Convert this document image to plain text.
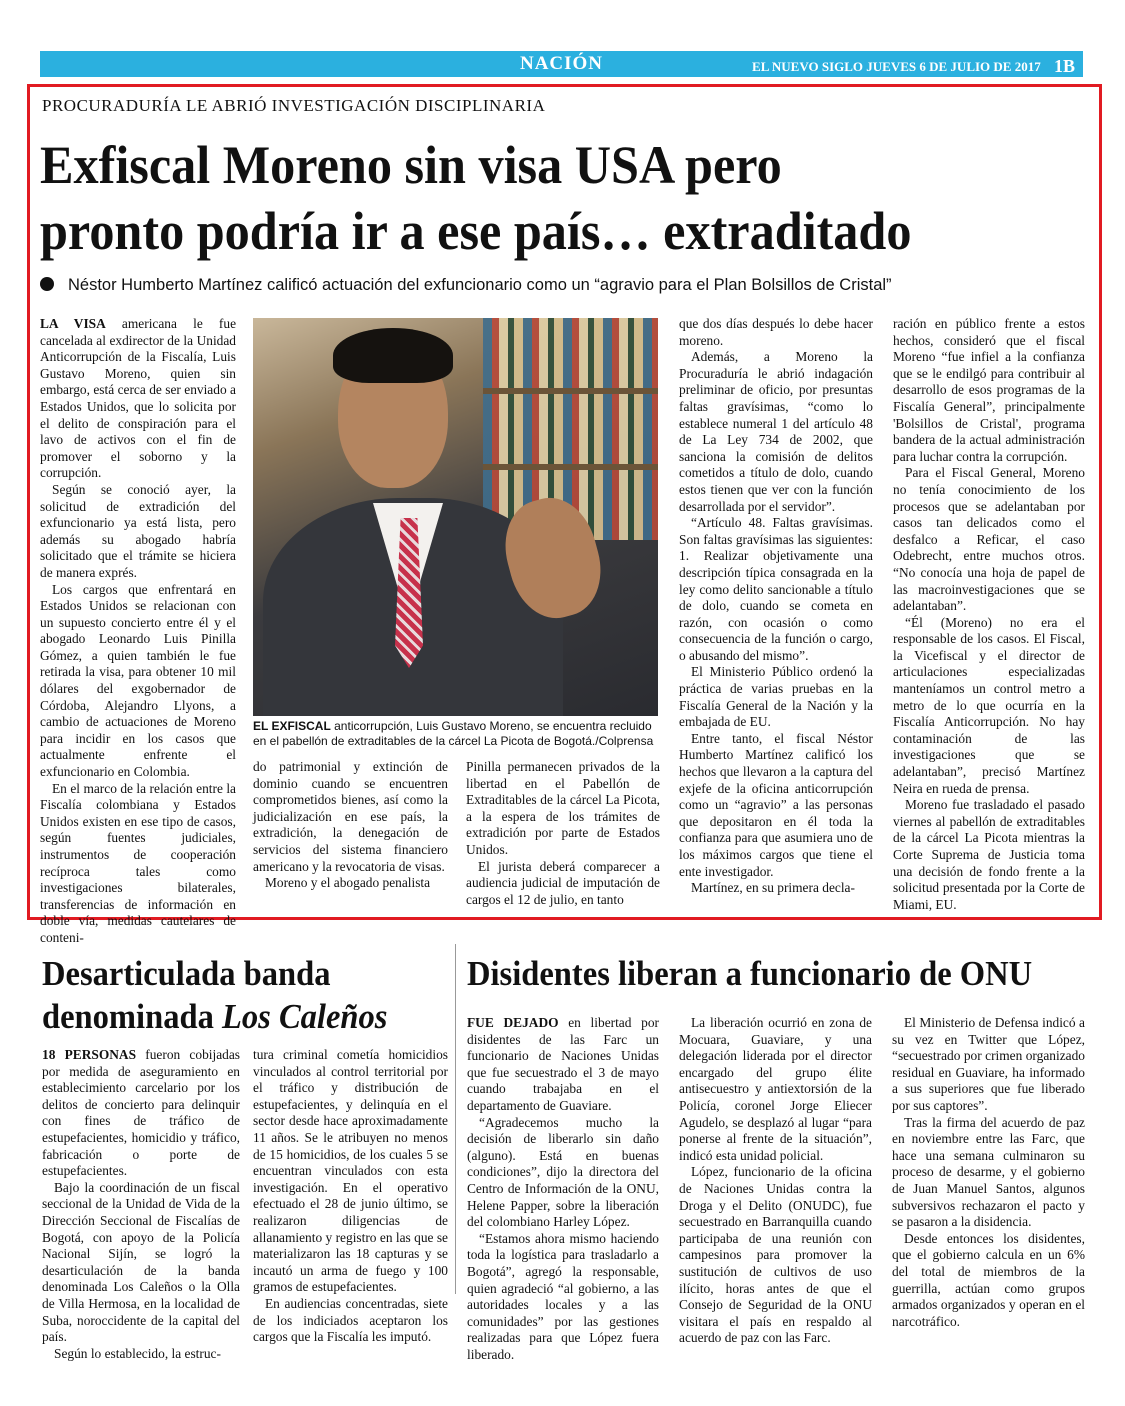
NACIÓN	EL NUEVO SIGLO JUEVES 6 DE JULIO DE 2017 1B
PROCURADURÍA LE ABRIÓ INVESTIGACIÓN DISCIPLINARIA
Exfiscal Moreno sin visa USA pero
pronto podría ir a ese país… extraditado
Néstor Humberto Martínez calificó actuación del exfuncionario como un “agravio para el Plan Bolsillos de Cristal”

LA VISA americana le fue cancelada al exdirector de la Unidad Anticorrupción de la Fiscalía, Luis Gustavo Moreno, quien sin embargo, está cerca de ser enviado a Estados Unidos, que lo solicita por el delito de conspiración para el lavo de activos con el fin de promover el soborno y la corrupción.

Según se conoció ayer, la solicitud de extradición del exfuncionario ya está lista, pero además su abogado habría solicitado que el trámite se hiciera de manera exprés.

Los cargos que enfrentará en Estados Unidos se relacionan con un supuesto concierto entre él y el abogado Leonardo Luis Pinilla Gómez, a quien también le fue retirada la visa, para obtener 10 mil dólares del exgobernador de Córdoba, Alejandro Llyons, a cambio de actuaciones de Moreno para incidir en los casos que actualmente enfrente el exfuncionario en Colombia.

En el marco de la relación entre la Fiscalía colombiana y Estados Unidos existen en ese tipo de casos, según fuentes judiciales, instrumentos de cooperación recíproca tales como investigaciones bilaterales, transferencias de información en doble vía, medidas cautelares de conteni-

EL EXFISCAL anticorrupción, Luis Gustavo Moreno, se encuentra recluido en el pabellón de extraditables de la cárcel La Picota de Bogotá./Colprensa

do patrimonial y extinción de dominio cuando se encuentren comprometidos bienes, así como la judicialización en ese país, la extradición, la denegación de servicios del sistema financiero americano y la revocatoria de visas.

Moreno y el abogado penalista

Pinilla permanecen privados de la libertad en el Pabellón de Extraditables de la cárcel La Picota, a la espera de los trámites de extradición por parte de Estados Unidos.

El jurista deberá comparecer a audiencia judicial de imputación de cargos el 12 de julio, en tanto

que dos días después lo debe hacer moreno.

Además, a Moreno la Procuraduría le abrió indagación preliminar de oficio, por presuntas faltas gravísimas, “como lo establece numeral 1 del artículo 48 de La Ley 734 de 2002, que sanciona la comisión de delitos cometidos a título de dolo, cuando estos tienen que ver con la función desarrollada por el servidor”.

“Artículo 48. Faltas gravísimas. Son faltas gravísimas las siguientes: 1. Realizar objetivamente una descripción típica consagrada en la ley como delito sancionable a título de dolo, cuando se cometa en razón, con ocasión o como consecuencia de la función o cargo, o abusando del mismo”.

El Ministerio Público ordenó la práctica de varias pruebas en la Fiscalía General de la Nación y la embajada de EU.

Entre tanto, el fiscal Néstor Humberto Martínez calificó los hechos que llevaron a la captura del exjefe de la oficina anticorrupción como un “agravio” a las personas que depositaron en él toda la confianza para que asumiera uno de los máximos cargos que tiene el ente investigador.

Martínez, en su primera decla-

ración en público frente a estos hechos, consideró que el fiscal Moreno “fue infiel a la confianza que se le endilgó para contribuir al desarrollo de esos programas de la Fiscalía General”, principalmente 'Bolsillos de Cristal', programa bandera de la actual administración para luchar contra la corrupción.

Para el Fiscal General, Moreno no tenía conocimiento de los procesos que se adelantaban por casos tan delicados como el desfalco a Reficar, el caso Odebrecht, entre muchos otros. “No conocía una hoja de papel de las macroinvestigaciones que se adelantaban”.

“Él (Moreno) no era el responsable de los casos. El Fiscal, la Vicefiscal y el director de articulaciones especializadas manteníamos un control metro a metro de lo que ocurría en la Fiscalía Anticorrupción. No hay contaminación de las investigaciones que se adelantaban”, precisó Martínez Neira en rueda de prensa.

Moreno fue trasladado el pasado viernes al pabellón de extraditables de la cárcel La Picota mientras la Corte Suprema de Justicia toma una decisión de fondo frente a la solicitud presentada por la Corte de Miami, EU.

Desarticulada banda
denominada Los Caleños

18 PERSONAS fueron cobijadas por medida de aseguramiento en establecimiento carcelario por los delitos de concierto para delinquir con fines de tráfico de estupefacientes, homicidio y tráfico, fabricación o porte de estupefacientes.

Bajo la coordinación de un fiscal seccional de la Unidad de Vida de la Dirección Seccional de Fiscalías de Bogotá, con apoyo de la Policía Nacional Sijín, se logró la desarticulación de la banda denominada Los Caleños o la Olla de Villa Hermosa, en la localidad de Suba, noroccidente de la capital del país.

Según lo establecido, la estruc-

tura criminal cometía homicidios vinculados al control territorial por el tráfico y distribución de estupefacientes, y delinquía en el sector desde hace aproximadamente 11 años. Se le atribuyen no menos de 15 homicidios, de los cuales 5 se encuentran vinculados con esta investigación. En el operativo efectuado el 28 de junio último, se realizaron diligencias de allanamiento y registro en las que se materializaron las 18 capturas y se incautó un arma de fuego y 100 gramos de estupefacientes.

En audiencias concentradas, siete de los indiciados aceptaron los cargos que la Fiscalía les imputó.

Disidentes liberan a funcionario de ONU

FUE DEJADO en libertad por disidentes de las Farc un funcionario de Naciones Unidas que fue secuestrado el 3 de mayo cuando trabajaba en el departamento de Guaviare.

“Agradecemos mucho la decisión de liberarlo sin daño (alguno). Está en buenas condiciones”, dijo la directora del Centro de Información de la ONU, Helene Papper, sobre la liberación del colombiano Harley López.

“Estamos ahora mismo haciendo toda la logística para trasladarlo a Bogotá”, agregó la responsable, quien agradeció “al gobierno, a las autoridades locales y a las comunidades” por las gestiones realizadas para que López fuera liberado.

La liberación ocurrió en zona de Mocuara, Guaviare, y una delegación liderada por el director encargado del grupo élite antisecuestro y antiextorsión de la Policía, coronel Jorge Eliecer Agudelo, se desplazó al lugar “para ponerse al frente de la situación”, indicó esta unidad policial.

López, funcionario de la oficina de Naciones Unidas contra la Droga y el Delito (ONUDC), fue secuestrado en Barranquilla cuando participaba de una reunión con campesinos para promover la sustitución de cultivos de uso ilícito, horas antes de que el Consejo de Seguridad de la ONU visitara el país en respaldo al acuerdo de paz con las Farc.

El Ministerio de Defensa indicó a su vez en Twitter que López, “secuestrado por crimen organizado residual en Guaviare, ha informado a sus superiores que fue liberado por sus captores”.

Tras la firma del acuerdo de paz en noviembre entre las Farc, que hace una semana culminaron su proceso de desarme, y el gobierno de Juan Manuel Santos, algunos subversivos rechazaron el pacto y se pasaron a la disidencia.

Desde entonces los disidentes, que el gobierno calcula en un 6% del total de miembros de la guerrilla, actúan como grupos armados organizados y operan en el narcotráfico.
